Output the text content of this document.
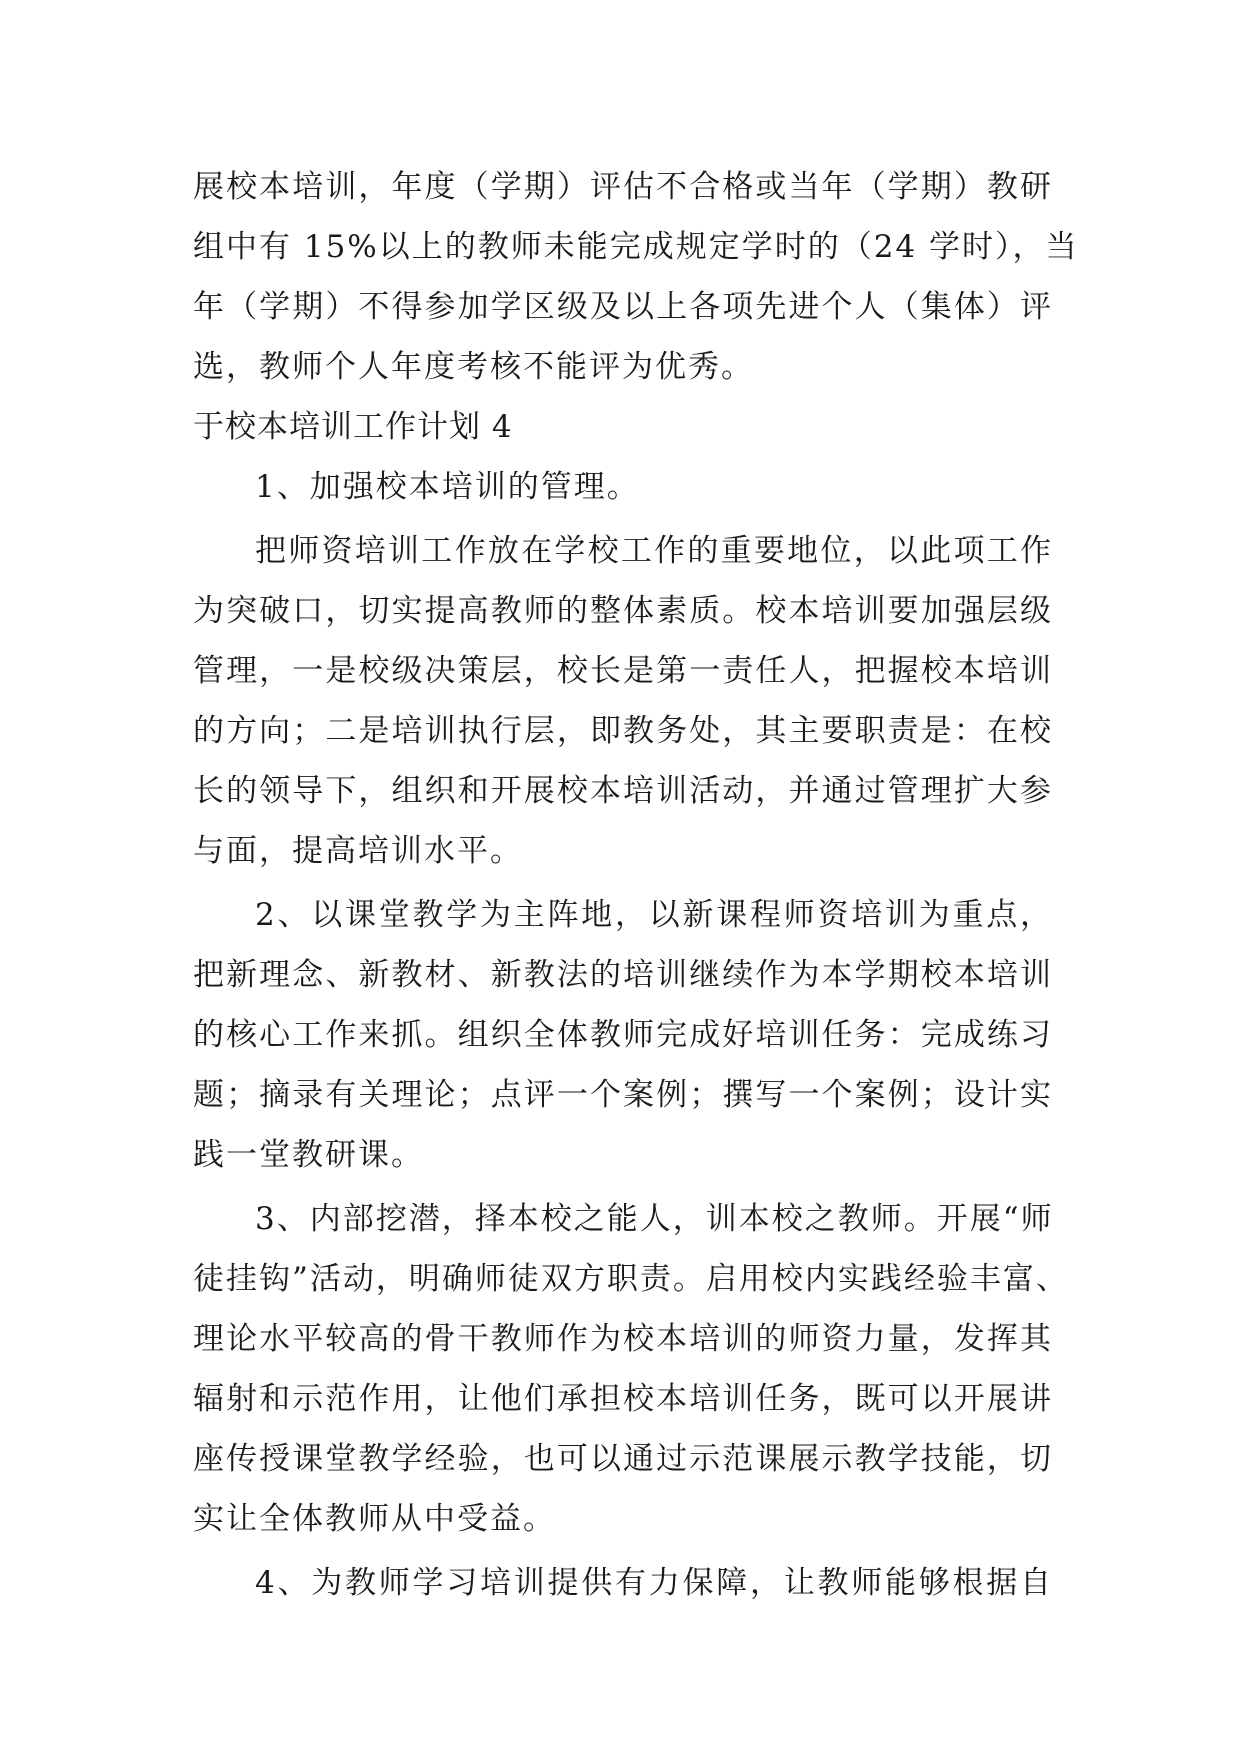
展校本培训，年度（学期）评估不合格或当年（学期）教研
组中有 15%以上的教师未能完成规定学时的（24 学时），当
年（学期）不得参加学区级及以上各项先进个人（集体）评
选，教师个人年度考核不能评为优秀。
于校本培训工作计划 4
1、加强校本培训的管理。
把师资培训工作放在学校工作的重要地位，以此项工作
为突破口，切实提高教师的整体素质。校本培训要加强层级
管理，一是校级决策层，校长是第一责任人，把握校本培训
的方向；二是培训执行层，即教务处，其主要职责是：在校
长的领导下，组织和开展校本培训活动，并通过管理扩大参
与面，提高培训水平。
2、以课堂教学为主阵地，以新课程师资培训为重点，
把新理念、新教材、新教法的培训继续作为本学期校本培训
的核心工作来抓。组织全体教师完成好培训任务：完成练习
题；摘录有关理论；点评一个案例；撰写一个案例；设计实
践一堂教研课。
3、内部挖潜，择本校之能人，训本校之教师。开展“师
徒挂钩”活动，明确师徒双方职责。启用校内实践经验丰富、
理论水平较高的骨干教师作为校本培训的师资力量，发挥其
辐射和示范作用，让他们承担校本培训任务，既可以开展讲
座传授课堂教学经验，也可以通过示范课展示教学技能，切
实让全体教师从中受益。
4、为教师学习培训提供有力保障，让教师能够根据自
